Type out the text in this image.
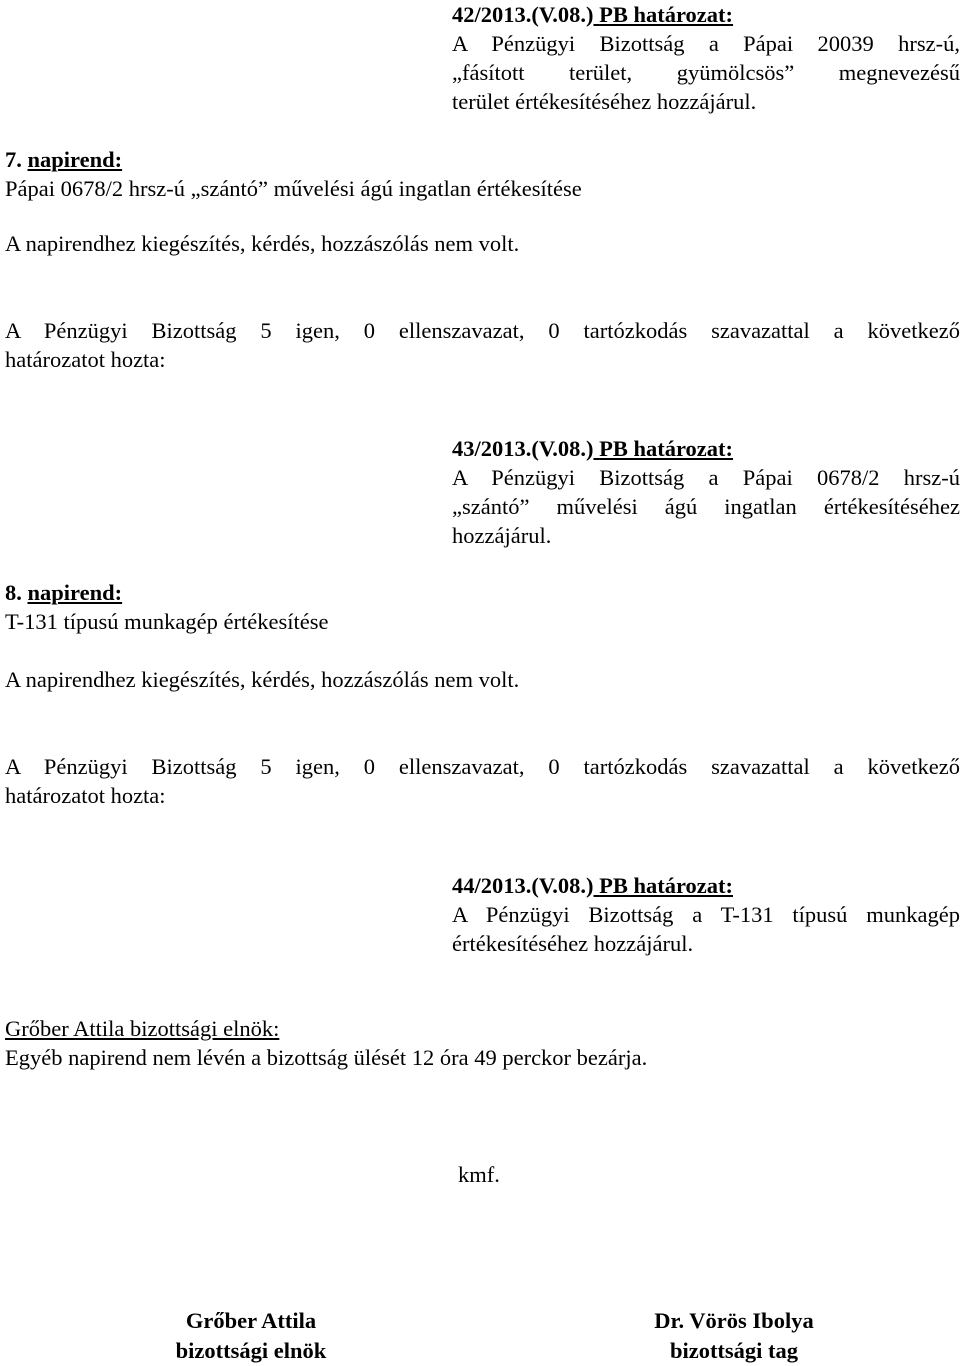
42/2013.(V.08.) PB határozat:
A Pénzügyi Bizottság a Pápai 20039 hrsz-ú,
„fásított terület, gyümölcsös” megnevezésű
terület értékesítéséhez hozzájárul.
7. napirend:
Pápai 0678/2 hrsz-ú „szántó” művelési ágú ingatlan értékesítése
A napirendhez kiegészítés, kérdés, hozzászólás nem volt.
A Pénzügyi Bizottság 5 igen, 0 ellenszavazat, 0 tartózkodás szavazattal a következő
határozatot hozta:
43/2013.(V.08.) PB határozat:
A Pénzügyi Bizottság a Pápai 0678/2 hrsz-ú
„szántó” művelési ágú ingatlan értékesítéséhez
hozzájárul.
8. napirend:
T-131 típusú munkagép értékesítése
A napirendhez kiegészítés, kérdés, hozzászólás nem volt.
A Pénzügyi Bizottság 5 igen, 0 ellenszavazat, 0 tartózkodás szavazattal a következő
határozatot hozta:
44/2013.(V.08.) PB határozat:
A Pénzügyi Bizottság a T-131 típusú munkagép
értékesítéséhez hozzájárul.
Grőber Attila bizottsági elnök:
Egyéb napirend nem lévén a bizottság ülését 12 óra 49 perckor bezárja.
kmf.
Grőber Attila
bizottsági elnök
Dr. Vörös Ibolya
bizottsági tag
